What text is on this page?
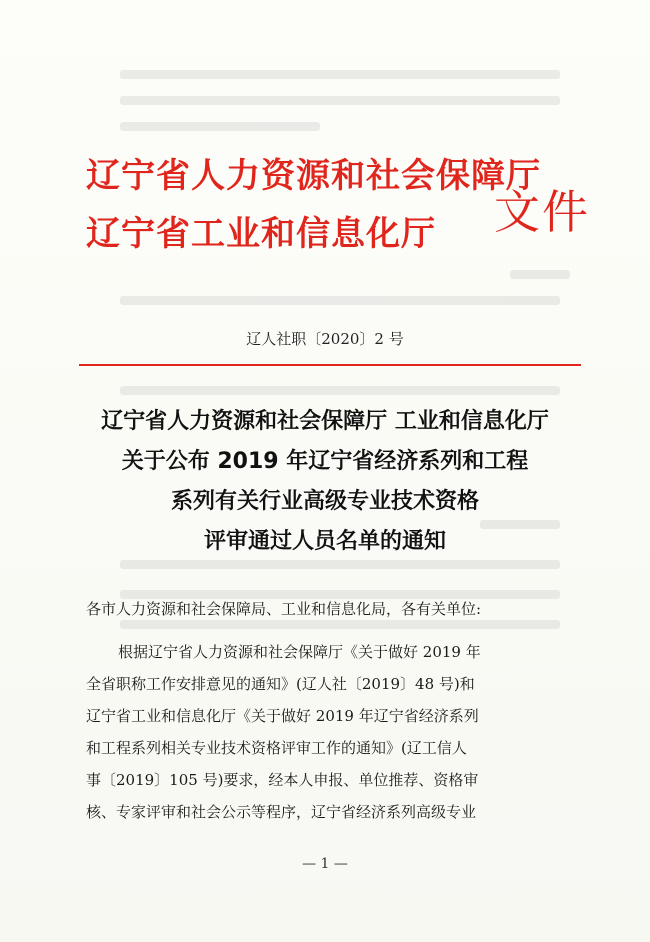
辽宁省人力资源和社会保障厅
辽宁省工业和信息化厅 文件
辽人社职〔2020〕2 号
辽宁省人力资源和社会保障厅 工业和信息化厅
关于公布 2019 年辽宁省经济系列和工程
系列有关行业高级专业技术资格
评审通过人员名单的通知
各市人力资源和社会保障局、工业和信息化局，各有关单位:
根据辽宁省人力资源和社会保障厅《关于做好 2019 年
全省职称工作安排意见的通知》(辽人社〔2019〕48 号)和
辽宁省工业和信息化厅《关于做好 2019 年辽宁省经济系列
和工程系列相关专业技术资格评审工作的通知》(辽工信人
事〔2019〕105 号)要求，经本人申报、单位推荐、资格审
核、专家评审和社会公示等程序，辽宁省经济系列高级专业
— 1 —
